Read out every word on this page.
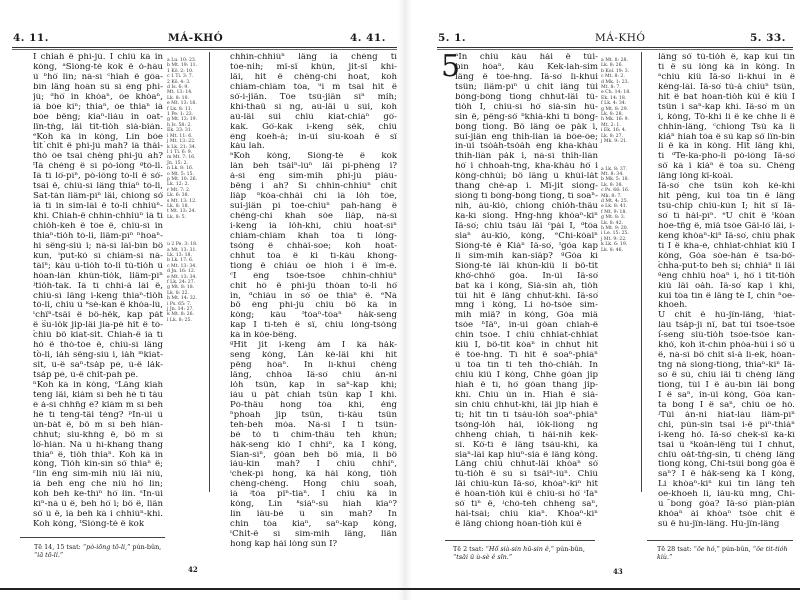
4. 11.	MÁ-KHÓ	4. 41.
I chiah ê phì-jū. I chiū kā in
kóng, ᵃSiōng-tè kok ê ò-hāu
ū ᵇhō͘ lín; nā-sī ᶜhiah ê gōa-
bīn lâng hoān sū sī ēng phì-
jū; ᵈhō͘ in khòaⁿ, ōe khòaⁿ,
iā bōe kìⁿ; thiaⁿ, ōe thiaⁿ iā
bōe bêng; kiaⁿ-liáu in oat-
lîn-tńg, lâi tit-tio̍h sià-bián.
ᵉKoh kā in kóng, Lín bōe
tit chit ê phì-jū mah? iā thái-
thó ōe tsai chèng phì-jū ah?
ᶠIā chéng ê sī pò-iōng ᵍtō-li.
Iā tī lō͘-pīⁿ, pò-iōng tō-li ê só͘-
tsāi ê, chiū-sī lâng thiaⁿ tō-li,
Sat-tàn liâm-pīⁿ lâi, chiong só͘
iā tī in sim-lāi ê tō-li chhiúⁿ-
khì. Chiah-ê chhìn-chhiūⁿ iā tī
chio̍h-keh ê tōe ê, chiū-sī in
thiaⁿ-tio̍h tō-li, liâm-pīⁿ ʰhoaⁿ-
hí sêng-siū i; nā-sī lāi-bīn bô
kun, ⁱput-kó sī chiām-sī nā-
tāiⁿ; kàu ū-tio̍h tō-li tú-tio̍h ū
hōan-lān khùn-tio̍k, liâm-pīⁿ
ʲtio̍h-tak. Iā tī chhì-á lāi ê,
chiū-sī lâng i-keng thiaⁿ-tio̍h
tō-li, chiū ū ᵏsè-kan ê khòa-lū,
ˡchîⁿ-tsâi ê bô-hêk, kap pát
ê su-io̍k ji̍p-lâi ji̍a-pè hit ê tō-
chiū bô kiat-si̍t. Chiah-ê iā tī
hó ê thó-tōe ê, chiū-sī lâng
tō-li, ia̍h sêng-siū i, ia̍h ᵐkiat-
si̍t, ū-ê saⁿ-tsa̍p pē, ū-ê la̍k-
tsa̍p pē, ū-ê chit-pah pē.
ⁿKoh kā in kóng, ᵒLâng kiah
teng lâi, kiám sī beh hē tī táu
ē á-sī chhn̂g ē? kiám m̄ sī beh
hē tī teng-tâi téng? ᵖIn-ūi ū
ún-bàt ê, bô m̄ sī beh hián-
chhut; siu-khǹg ê, bô m̄ sī
lō͘-hiān. Nā ū hī-khang thang
thiaⁿ ê, tio̍h thiaⁿ. Koh kā in
kóng, Tio̍h kín-sīn só͘ thiaⁿ ê;
ʳlín ēng sím-mi̍h niú lâi niú,
iā beh ēng che niú hō͘ lín;
koh beh ke-thīⁿ hō͘ lín. ˢIn-ūi
kīⁿ-nā ū ê, beh hō͘ i; bô ê, liân
só͘ ū ê, iā beh kā i chhiúⁿ-khì.
Koh kóng, ᵗSiōng-tè ê kok
a Lu. 10: 23.
b Mt. 19: 11.
1 Kô. 2: 10.
c 1 Ti. 3: 7.
2 Kô. 4: 3.
d Is. 6: 9.
Mt. 13: 14.
Lk. 8: 10.
e Mt. 13: 18.
f Lk. 8: 11.
1 Pe. 1: 23.
g Mt. 13: 19.
h Is. 58: 2.
Ek. 33: 31.
i Mt. 11: 6.
j Mt. 13: 22.
k Lk. 21: 34.
l 1 Ti. 6: 9.
m Mt. 7: 16.
Jn. 15: 2.
n Lk. 8: 16.
o Mt. 5: 15.
p Mt. 10: 26.
Lk. 12: 2.
r Mt. 7: 2.
Lk. 6: 38.
s Mt. 13: 12.
Lk. 8: 18.
t Mt. 13: 24.
Lk. 8: 5.
u 2 Pe. 3: 18.
a Mt. 13: 31.
Lk. 13: 18.
b Lk. 17: 6.
c Mt. 13: 34.
d Jn. 16: 12.
e Mt. 13: 34.
f Lk. 24: 27.
g Mt. 8: 18.
Lk. 8: 22.
h Mt. 14: 32.
i Ps. 65: 7.
j Jn. 14: 27.
k Mt. 8: 26.
l Lk. 8: 25.
chhìn-chhiūⁿ lâng iā chéng tī
tōe-nih; mî-sî khùn, ji̍t-sî khí-
lâi, hit ê chéng-chí hoat, koh
chiām-chiām tōa, ᵘí m̄ tsai hit ê
só͘-í-jiân. Tōe tsū-jiân sīⁿ mi̍h;
khí-thaû sī ng, aū-lâi ū sūi, koh
aū-lâi sūi chiū kiat-chiāⁿ gō͘-
kak. Gō͘-kak í-keng se̍k, chiū
ēng koeh-á; in-ūi siu-koah ê sî
kàu lah.
ᵃKoh kóng, Siōng-tè ê kok
lán beh tsáiⁿ-iūⁿ lâi pí-phēng i?
á-sī ēng sím-mi̍h phì-jū piáu-
bêng i ah? Sī chhin-chhiūⁿ chi̍t
lia̍p ᵇkòa-chhài chí iā lo̍h tōe,
sui-jiân pí tōe-chiūⁿ pah-hāng ê
chéng-chí khah sòe lia̍p, nā-sī
í-keng iā lo̍h-khì, chiū hoat-sīⁿ
chiām-chiām khah tōa tī lóng-
tsóng ê chhài-soe; koh hoat-
chhut tōa ê ki tī-kàu khong-
tiong ê chiáu ōe hioh i ê îm-ē.
ᶜI ēng tsōe-tsōe chhìn-chhiūⁿ
chit hō ê phì-jū thòan tō-li hō͘
in, ᵈchiàu in só͘ ōe thiaⁿ ê. ᵉNā
bô ēng phì-jū chiū bô kā in
kóng; kàu ᶠtōaⁿ-tōaⁿ ha̍k-seng
kap I tī-teh ê sî, chiū lóng-tsóng
kā in kóe-bêng.
ᵍHit ji̍t i-keng àm I kā ha̍k-
seng kóng, Lán kè-lâi khì hit
pêng hōaⁿ. In lī-khui chèng
lâng, chhōa Iâ-so͘ chiū án-ni
lo̍h tsûn, kap in saⁿ-kap khì;
iáu ū pa̍t chiah tsûn kap I khì.
Pō-thâu hong tōa khí, éng
ʰphoah ji̍p tsûn, tī-kàu tsûn
teh-beh móa. Nā-sī I tī tsûn-
bé tó tī chím-thâu teh khùn;
ha̍k-seng kiò I chhíⁿ, kā I kóng,
Sian-sīⁿ, góan beh bô miā, lí bô
iáu-kín mah? I chiū chhíⁿ,
ⁱchek-pī hong, kā hái kóng, tio̍h
chēng-chēng. Hong chiū soah,
iā ʲtōa pîⁿ-tiāⁿ. I chiū kā in
kóng, Lín ᵏsiáⁿ-sū hiah kiaⁿ?
lín iáu-bē ū sìn mah? In
chin tōa kiaⁿ, saⁿ-kap kóng,
ˡChit-ê sī sím-mi̍h lâng, liân
hong kap hái lóng sūn I?
Tē 14, 15 tsat: “pò-iōng tō-li,” pún-bûn, “iā tō-lí.”
42
5. 1.	MÁ-KHÓ	5. 33.
5
ᵃIn chiū kàu hái ê tùi-
bīn hōaⁿ, kàu Kek-lah-sim
lâng ê tōe-hng. Iâ-so͘ lī-khui
tsûn; liâm-pīⁿ ū chi̍t lâng tùi
bōng-bōng tiong chhut-lâi tú-
tio̍h I, chiū-sī hō͘ sià-sin hū-
sin ê, pêng-só͘ ᵇkhiā-khí tī bōng-
bōng tiong. Bô lâng ōe pa̍k i,
sui-jiân ēng thih-liān iā bōe-ōe;
in-ūi tsóa̍h-tsóa̍h ēng kha-khàu
thih-liān pa̍k i, nā-sī thih-liān
hō͘ i chhoah-tn̄g, kha-khàu hō͘ i
kòng-chhùi; bô lâng ū khùi-la̍t
thang chè-ap i. Mî-ji̍t siōng-
siōng tī bōng-bōng tiong, tī soaⁿ-
nih, àu-kiò, chiong chio̍h-thâu
ka-kī siong. Hn̄g-hn̄g khòaⁿ-kìⁿ
Iâ-so͘; chiū tsáu lâi ᶜpài I, ᵈtōa
siaⁿ àu-kiò, kóng, ᵉChí-kóaiⁿ
Siōng-tè ê Kiáⁿ Iâ-so͘, ᶠgóa kap
lí sím-mi̍h kan-sia̍p? ᵍGóa kí
Siōng-tè lâi khún-kiû lí bô-tit
khó͘-chhó͘ góa. In-ūi Iâ-so͘
bat kā i kóng, Sià-sin ah, tio̍h
tùi hit ê lâng chhut-khì. Iâ-so͘
mn̄g i kóng, Lí hō-tsòe sím-
mi̍h miâ? in kóng, Góa miâ
tsòe ʰIâⁿ, in-ūi góan chiah-ê
chin tsōe. I chiū chhiat-chhiat
kiû I, bô-tit kóaⁿ in chhut hit
ê tōe-hng. Tī hit ê soaⁿ-phiāⁿ
ū tōa tīn tí teh thó-chia̍h. In
chiū kiû I kóng, Chhe góan ji̍p
hiah ê tī, hō͘ góan thang ji̍p-
khì. Chiū ún in. Hiah ê sià-
sin chiū chhut-khì, lâi ji̍p hiah ê
tī; hit tīn tī tsáu-lo̍h soaⁿ-phiāⁿ
tsóng-lo̍h hái, io̍k-liōng n̄g
chheng chiah, tī hái-nih kek-
sí. Kò͘-tī ê lâng tsáu-khì, kā
siaⁿ-lāi kap hiuⁿ-siā ê lâng kóng.
Lâng chiū chhut-lâi khòaⁿ só͘
tú-tio̍h ê sū sī tsáiⁿ-iūⁿ. Chiū
lâi chiū-kūn Iâ-so͘, khòaⁿ-kìⁿ hit
ê hōan-tio̍h kúi ê chiū-sī hō͘ ⁱIāⁿ
só͘ tīⁿ ê, ʲchō-teh chhēng saⁿ,
hāi-tsāi; chiū kiaⁿ. Khòaⁿ-kìⁿ
ê lâng chiong hōan-tio̍h kúi ê
a Mt. 8: 28.
Lk. 8: 26.
b Kol. 19: 3.
c Mt. 8: 2.
d Mk. 1: 23.
Mt. 8: 7.
e Ch. 14: 18.
Ek. 14: 18.
f Lk. 4: 34.
g Mt. 8: 29.
Lk. 8: 28.
h Mk. 16: 9.
Mt. 2: 1.
i Ek. 16: 4.
Lk. 8: 27.
j Mk. 9: 21.
a Lk. 8: 37.
Mt. 8: 34.
b Mk. 5: 18.
Lk. 8: 38.
c Ps. 66: 16.
Mk. 8: 7.
d Mt. 4: 25.
e Lk. 8: 41.
f Mt. 9: 18.
g Mt. 8: 3.
Lk. 8: 42.
h Mt. 9: 20.
i Le. 15: 25.
j Mt. 9: 22.
k Lk. 6: 19.
Lk. 8: 46.
lâng só͘ tú-tio̍h ê, kap kui tīn
tī ê sū lóng kā in kóng. In
ᵃchiū kiû Iâ-so͘ lī-khui in ê
kéng-lāi. Iâ-so͘ tú-á chiūⁿ tsûn,
hit ê bat hōan-tio̍h kúi ê kiû I
tsûn i saⁿ-kap khì. Iâ-so͘ m̄ ún
i, kóng, Tò-khì lí ê ke chhe lí ê
chhin-lâng, ᶜchiong Tsú kā lí
kiáⁿ hiah tōa ê sū kap só͘ lîn-bín
lí ê kā in kóng. Hit lâng khì,
tī ᵈTe-ka-pho-lí pò-iōng Iâ-so͘
só͘ kā i kiáⁿ ê tōa sū. Chèng
lâng lóng kî-koài.
Iâ-so͘ chē tsûn koh kè-khì
hit pêng, kui tōa tīn ê lâng
tsū-chi̍p chiū-kūn I; hit sî Iâ-
so͘ tī hái-pīⁿ. ᵉŪ chi̍t ê ᶠkòan
hōe-tn̂g ê, miâ tsòe Gâi-lō͘ lâi, í-
keng khòaⁿ-kìⁿ Iâ-so͘, chiū phak
tī I ê kha-ē, chhiat-chhiat kiû I
kóng, Góa sòe-hàn ê tsa-bó͘-
chha-put-to beh sí; chhiáⁿ lí lâi
ᵍēng chhiú hōaⁿ i, hō͘ i tit-tio̍h
kiù lâi oa̍h. Iâ-so͘ kap i khì,
kui tōa tīn ê lâng tè I, chin ʰoe-
khoeh.
Ū chi̍t ê hū-jîn-lâng, ⁱhiat-
lāu tsa̍p-jī nî, bat tùi tsōe-tsōe
i-seng siū-tio̍h tsōe-tsōe kan-
khó͘, koh it-chīn phòa-hùi i só͘ ū
ê, nā-sī bô chi̍t si-á lī-ek, hóan-
tn̄g ná siong-tiōng, thiaⁿ-kìⁿ Iâ-
so͘ ê sū, chiū lâi tī chèng lâng
tiong, tùi I ê āu-bīn lâi bong
I ê saⁿ, in-ūi kóng, Góa kan-
ta bong I ê saⁿ, chiū ōe hó.
ʲTùi án-ni hiat-lāu liâm-pīⁿ
chi, pún-sin tsai i-ê pīⁿ-thiáⁿ
i-keng hó. Iâ-so͘ chek-sî ka-kī
tsai ū ᵏkoân-lêng tùi I chhut,
chiū oa̍t-tńg-sin, tī chèng lâng
tiong kóng, Chí-tsūi bong góa ê
saⁿ? I ê ha̍k-seng kā I kóng,
Lí khòaⁿ-kìⁿ kui tīn lâng teh
oe-khoeh lí, iáu-kú mn̄g, Chí-
ū bong góa? Iâ-so͘ piàn-piàn
khòaⁿ ài khòaⁿ tsòe chit ê
sū ê hū-jîn-lâng. Hū-jîn-lâng
Tē 2 tsat: “Hō͘ sià-sin hū-sin ê,” pún-bûn, “tsāi ū ù-sè ê sîn.”
Tē 28 tsat: “ōe hó,” pún-bûn, “ōe tit-tio̍h kiù.”
43
